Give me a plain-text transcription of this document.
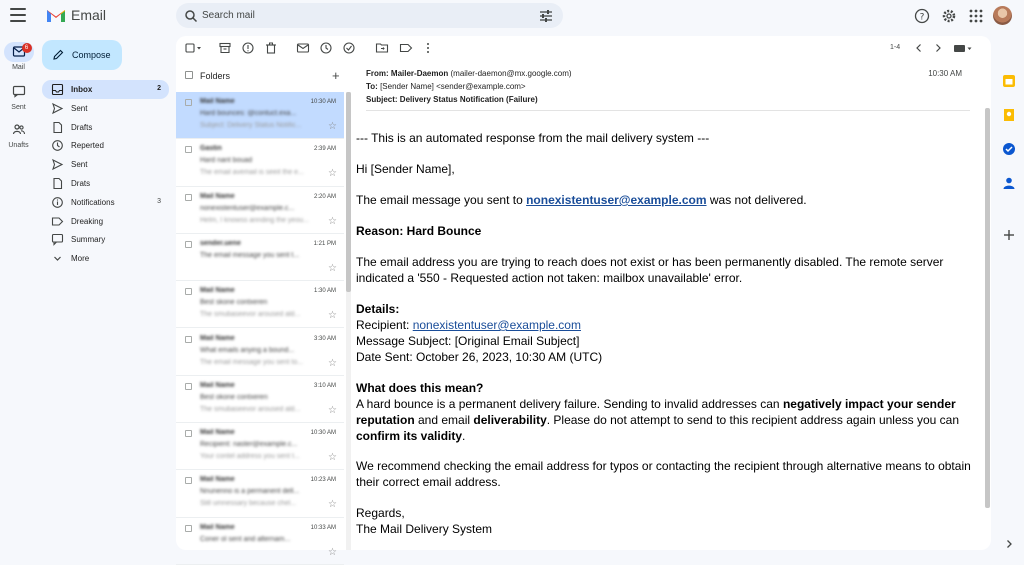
Email
Search mail	?
6
Mail
Sent
Unafts
Compose
Inbox	2
Sent
Drafts
Reperted
Sent
Drats
Notifications	3
Dreaking
Summary
More
1-4
Folders	+
Mail Name
Hard bounces: @contuct.exa...
Subject: Delivery Status Notific...
10:30 AM
☆
Gastin
Hard nant bouad
The email avemail is seeit the e...
2:39 AM
☆
Mail Name
nonexistentuser@example.c...
Helm, I knowss annding the yeou...
2:20 AM
☆
sender.uene
The email message you sent t...
1:21 PM
☆
Mail Name
Best skone contxeren
The smubaseevor aroused ald...
1:30 AM
☆
Mail Name
What emails anying a bound...
The email message you sent to...
3:30 AM
☆
Mail Name
Best okone contxeren
The smubaseevor aroused ald...
3:10 AM
☆
Mail Name
Recipient: naster@example.c...
Your contel address you sent t...
10:30 AM
☆
Mail Name
Nnunenno is a permanent dell...
Slill umnessary because chel...
10:23 AM
☆
Mail Name
Coner ol sent and alternam...
10:33 AM
☆
From: Mailer-Daemon (mailer-daemon@mx.google.com)
To: [Sender Name] <sender@example.com>
Subject: Delivery Status Notification (Failure)
10:30 AM

--- This is an automated response from the mail delivery system ---

Hi [Sender Name],

The email message you sent to nonexistentuser@example.com was not delivered.

Reason: Hard Bounce

The email address you are trying to reach does not exist or has been permanently disabled. The remote server indicated a '550 - Requested action not taken: mailbox unavailable' error.

Details:

Recipient: nonexistentuser@example.com

Message Subject: [Original Email Subject]

Date Sent: October 26, 2023, 10:30 AM (UTC)

What does this mean?

A hard bounce is a permanent delivery failure. Sending to invalid addresses can negatively impact your sender reputation and email deliverability. Please do not attempt to send to this recipient address again unless you can confirm its validity.

We recommend checking the email address for typos or contacting the recipient through alternative means to obtain their correct email address.

Regards,

The Mail Delivery System
